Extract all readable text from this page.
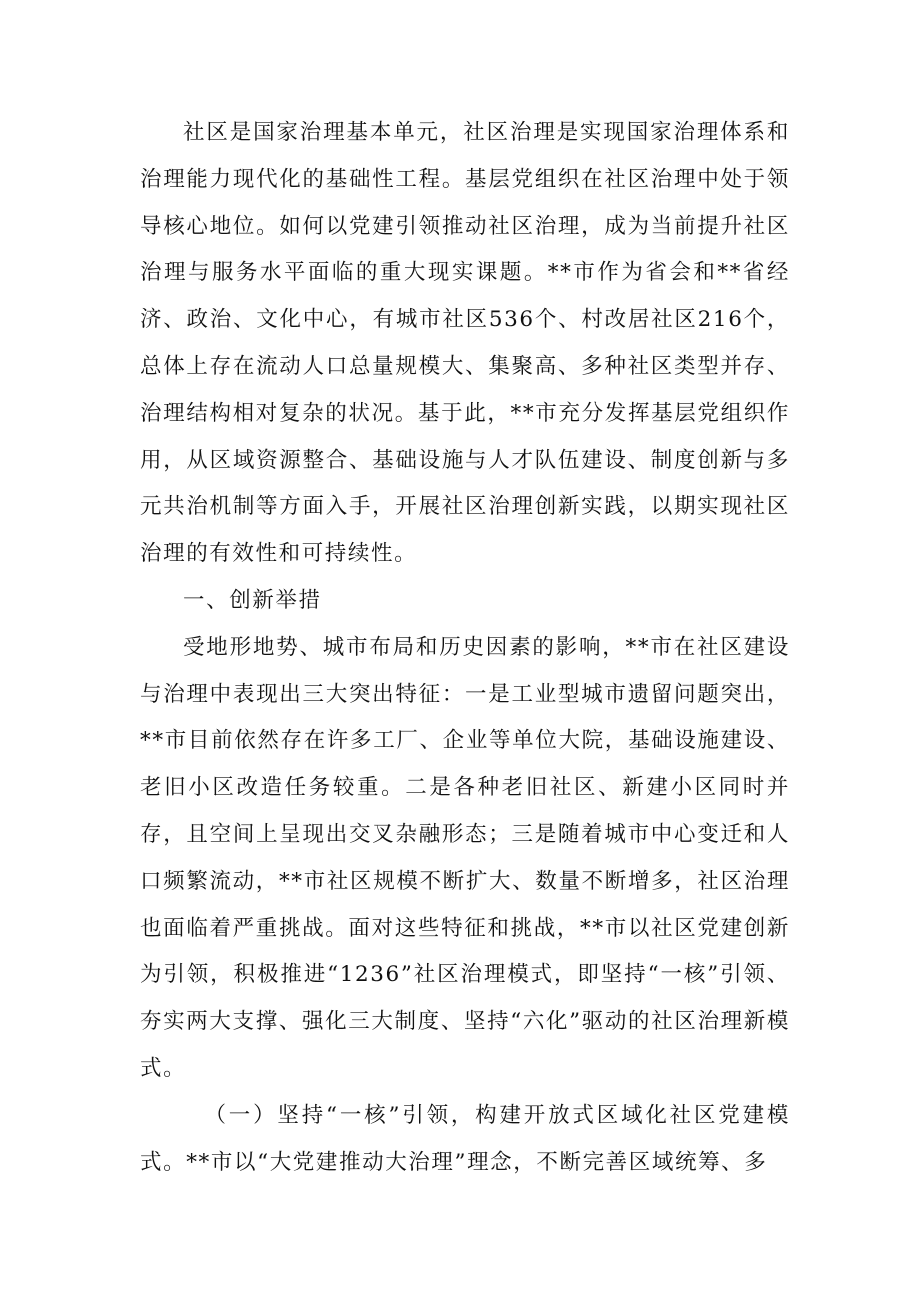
社区是国家治理基本单元，社区治理是实现国家治理体系和治理能力现代化的基础性工程。基层党组织在社区治理中处于领导核心地位。如何以党建引领推动社区治理，成为当前提升社区治理与服务水平面临的重大现实课题。**市作为省会和**省经济、政治、文化中心，有城市社区536个、村改居社区216个，总体上存在流动人口总量规模大、集聚高、多种社区类型并存、治理结构相对复杂的状况。基于此，**市充分发挥基层党组织作用，从区域资源整合、基础设施与人才队伍建设、制度创新与多元共治机制等方面入手，开展社区治理创新实践，以期实现社区治理的有效性和可持续性。

一、创新举措

受地形地势、城市布局和历史因素的影响，**市在社区建设与治理中表现出三大突出特征：一是工业型城市遗留问题突出，**市目前依然存在许多工厂、企业等单位大院，基础设施建设、老旧小区改造任务较重。二是各种老旧社区、新建小区同时并存，且空间上呈现出交叉杂融形态；三是随着城市中心变迁和人口频繁流动，**市社区规模不断扩大、数量不断增多，社区治理也面临着严重挑战。面对这些特征和挑战，**市以社区党建创新为引领，积极推进“1236”社区治理模式，即坚持“一核”引领、夯实两大支撑、强化三大制度、坚持“六化”驱动的社区治理新模式。

（一）坚持“一核”引领，构建开放式区域化社区党建模式。**市以“大党建推动大治理”理念，不断完善区域统筹、多
